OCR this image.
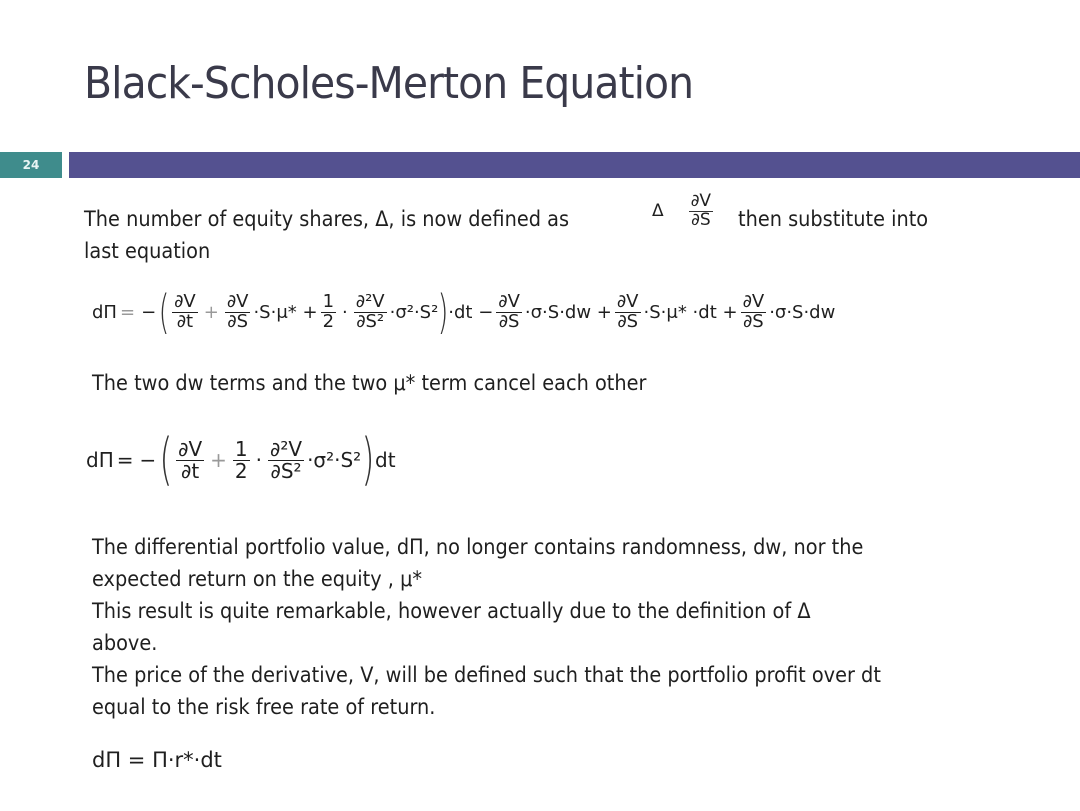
Black-Scholes-Merton Equation
24
The number of equity shares, Δ, is now defined as	Δ $\frac{\partial V}{\partial S}$ then substitute into
last equation
dΠ = − ( $\frac{\partial V}{\partial t} + \frac{\partial V}{\partial S} \cdot S\cdot\mu* + \frac{1}{2} \cdot \frac{\text{∂²V}}{\text{∂S²}} \cdot\sigma^2\cdot S^2$ ) $\cdot dt - \frac{\partial V}{\partial S} \cdot\sigma\cdot S\cdot dw + \frac{\partial V}{\partial S} \cdot S\cdot\mu* \cdot dt + \frac{\partial V}{\partial S} \cdot\sigma\cdot S\cdot dw$
The two dw terms and the two μ* term cancel each other
dΠ = − ( $\frac{\partial V}{\partial t} + \frac{1}{2} \cdot \frac{\text{∂²V}}{\text{∂S²}} \cdot\sigma^2\cdot S^2$ ) dt
The differential portfolio value, dΠ, no longer contains randomness, dw, nor the
expected return on the equity , μ*
This result is quite remarkable, however actually due to the definition of Δ
above.
The price of the derivative, V, will be defined such that the portfolio profit over dt
equal to the risk free rate of return.
dΠ = Π·r*·dt
